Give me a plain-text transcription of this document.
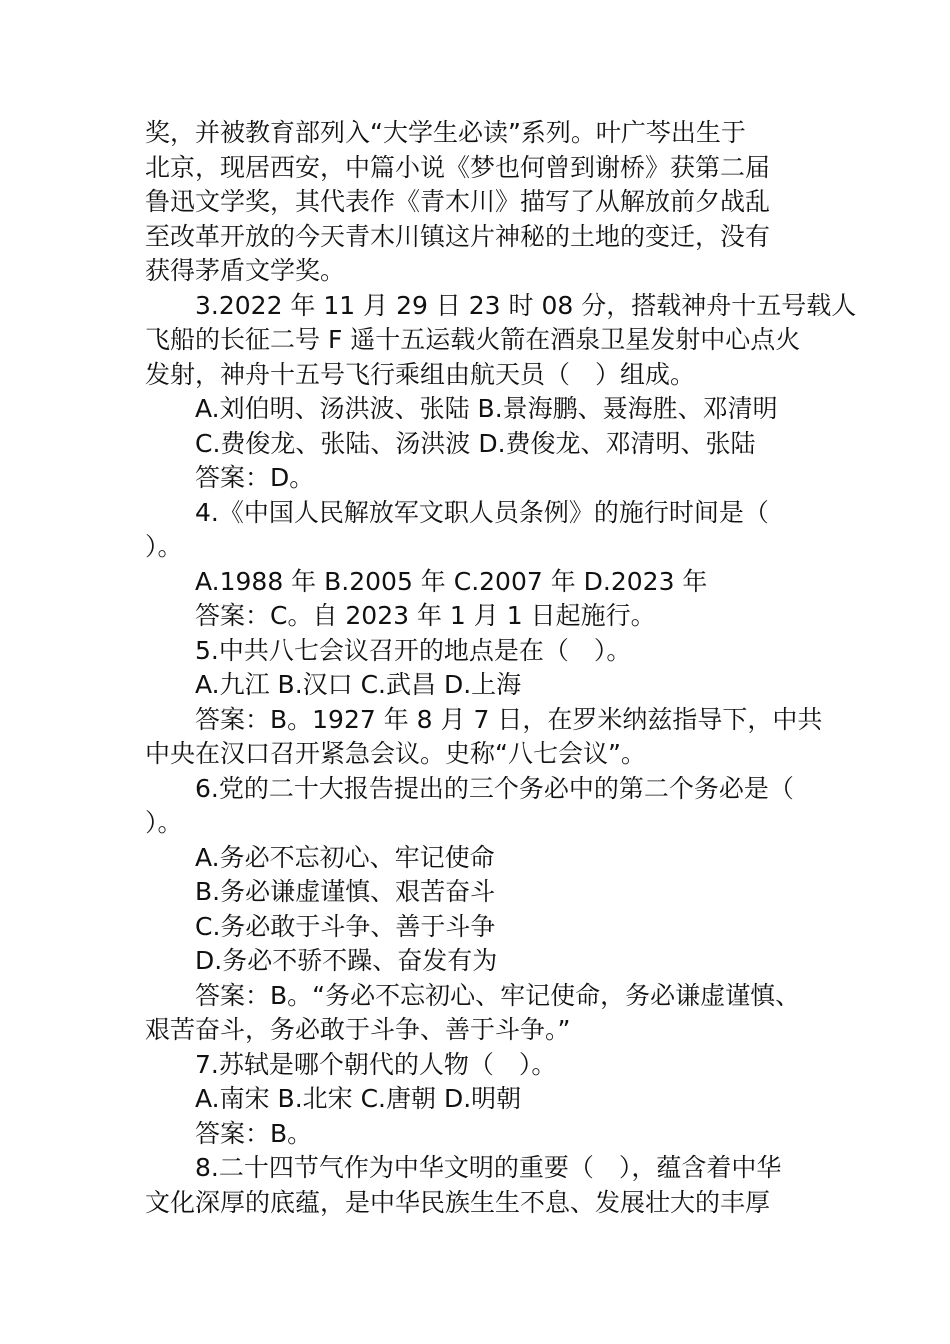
奖，并被教育部列入“大学生必读”系列。叶广芩出生于
北京，现居西安，中篇小说《梦也何曾到谢桥》获第二届
鲁迅文学奖，其代表作《青木川》描写了从解放前夕战乱
至改革开放的今天青木川镇这片神秘的土地的变迁，没有
获得茅盾文学奖。
3.2022 年 11 月 29 日 23 时 08 分，搭载神舟十五号载人
飞船的长征二号 F 遥十五运载火箭在酒泉卫星发射中心点火
发射，神舟十五号飞行乘组由航天员（　）组成。
A.刘伯明、汤洪波、张陆 B.景海鹏、聂海胜、邓清明
C.费俊龙、张陆、汤洪波 D.费俊龙、邓清明、张陆
答案：D。
4.《中国人民解放军文职人员条例》的施行时间是（
）。
A.1988 年 B.2005 年 C.2007 年 D.2023 年
答案：C。自 2023 年 1 月 1 日起施行。
5.中共八七会议召开的地点是在（　）。
A.九江 B.汉口 C.武昌 D.上海
答案：B。1927 年 8 月 7 日，在罗米纳兹指导下，中共
中央在汉口召开紧急会议。史称“八七会议”。
6.党的二十大报告提出的三个务必中的第二个务必是（
）。
A.务必不忘初心、牢记使命
B.务必谦虚谨慎、艰苦奋斗
C.务必敢于斗争、善于斗争
D.务必不骄不躁、奋发有为
答案：B。“务必不忘初心、牢记使命，务必谦虚谨慎、
艰苦奋斗，务必敢于斗争、善于斗争。”
7.苏轼是哪个朝代的人物（　）。
A.南宋 B.北宋 C.唐朝 D.明朝
答案：B。
8.二十四节气作为中华文明的重要（　），蕴含着中华
文化深厚的底蕴，是中华民族生生不息、发展壮大的丰厚
